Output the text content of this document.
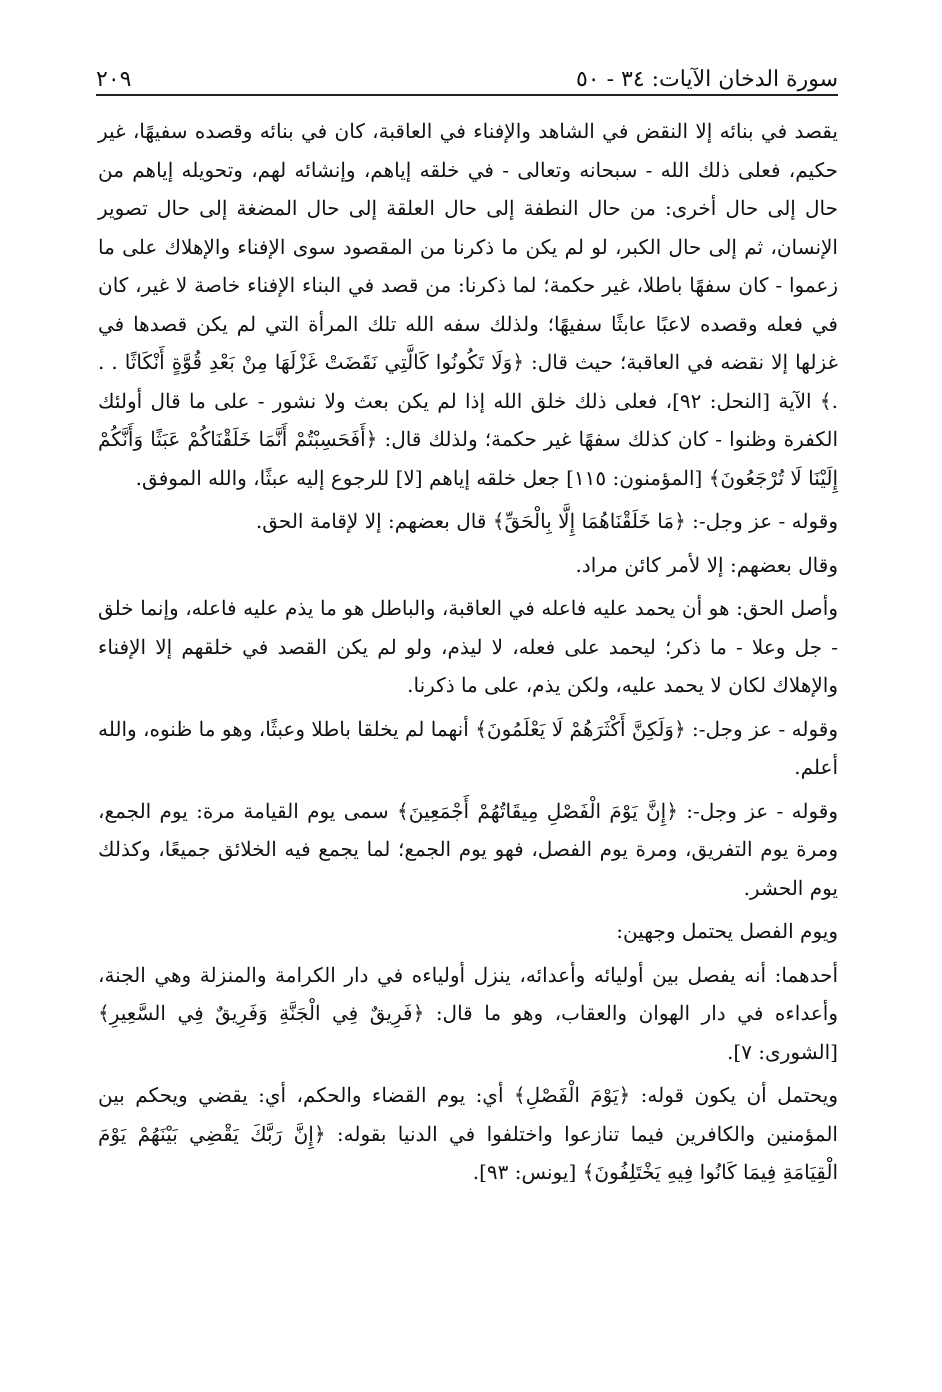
سورة الدخان الآيات: ٣٤ - ٥٠
٢٠٩

يقصد في بنائه إلا النقض في الشاهد والإفناء في العاقبة، كان في بنائه وقصده سفيهًا، غير حكيم، فعلى ذلك الله - سبحانه وتعالى - في خلقه إياهم، وإنشائه لهم، وتحويله إياهم من حال إلى حال أخرى: من حال النطفة إلى حال العلقة إلى حال المضغة إلى حال تصوير الإنسان، ثم إلى حال الكبر، لو لم يكن ما ذكرنا من المقصود سوى الإفناء والإهلاك على ما زعموا - كان سفهًا باطلا، غير حكمة؛ لما ذكرنا: من قصد في البناء الإفناء خاصة لا غير، كان في فعله وقصده لاعبًا عابثًا سفيهًا؛ ولذلك سفه الله تلك المرأة التي لم يكن قصدها في غزلها إلا نقضه في العاقبة؛ حيث قال: ﴿وَلَا تَكُونُوا كَالَّتِي نَقَضَتْ غَزْلَهَا مِنْ بَعْدِ قُوَّةٍ أَنْكَاثًا . . .﴾ الآية [النحل: ٩٢]، فعلى ذلك خلق الله إذا لم يكن بعث ولا نشور - على ما قال أولئك الكفرة وظنوا - كان كذلك سفهًا غير حكمة؛ ولذلك قال: ﴿أَفَحَسِبْتُمْ أَنَّمَا خَلَقْنَاكُمْ عَبَثًا وَأَنَّكُمْ إِلَيْنَا لَا تُرْجَعُونَ﴾ [المؤمنون: ١١٥] جعل خلقه إياهم [لا] للرجوع إليه عبثًا، والله الموفق.

وقوله - عز وجل-: ﴿مَا خَلَقْنَاهُمَا إِلَّا بِالْحَقِّ﴾ قال بعضهم: إلا لإقامة الحق.

وقال بعضهم: إلا لأمر كائن مراد.

وأصل الحق: هو أن يحمد عليه فاعله في العاقبة، والباطل هو ما يذم عليه فاعله، وإنما خلق - جل وعلا - ما ذكر؛ ليحمد على فعله، لا ليذم، ولو لم يكن القصد في خلقهم إلا الإفناء والإهلاك لكان لا يحمد عليه، ولكن يذم، على ما ذكرنا.

وقوله - عز وجل-: ﴿وَلَكِنَّ أَكْثَرَهُمْ لَا يَعْلَمُونَ﴾ أنهما لم يخلقا باطلا وعبثًا، وهو ما ظنوه، والله أعلم.

وقوله - عز وجل-: ﴿إِنَّ يَوْمَ الْفَصْلِ مِيقَاتُهُمْ أَجْمَعِينَ﴾ سمى يوم القيامة مرة: يوم الجمع، ومرة يوم التفريق، ومرة يوم الفصل، فهو يوم الجمع؛ لما يجمع فيه الخلائق جميعًا، وكذلك يوم الحشر.

ويوم الفصل يحتمل وجهين:

أحدهما: أنه يفصل بين أوليائه وأعدائه، ينزل أولياءه في دار الكرامة والمنزلة وهي الجنة، وأعداءه في دار الهوان والعقاب، وهو ما قال: ﴿فَرِيقٌ فِي الْجَنَّةِ وَفَرِيقٌ فِي السَّعِيرِ﴾ [الشورى: ٧].

ويحتمل أن يكون قوله: ﴿يَوْمَ الْفَصْلِ﴾ أي: يوم القضاء والحكم، أي: يقضي ويحكم بين المؤمنين والكافرين فيما تنازعوا واختلفوا في الدنيا بقوله: ﴿إِنَّ رَبَّكَ يَقْضِي بَيْنَهُمْ يَوْمَ الْقِيَامَةِ فِيمَا كَانُوا فِيهِ يَخْتَلِفُونَ﴾ [يونس: ٩٣].
